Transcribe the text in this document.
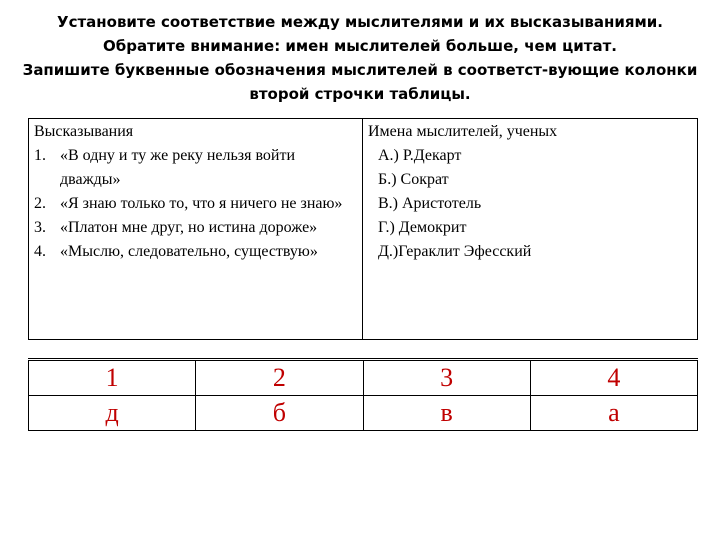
Установите соответствие между мыслителями и их высказываниями.
Обратите внимание: имен мыслителей больше, чем цитат.
Запишите буквенные обозначения мыслителей в соответст-вующие колонки
второй строчки таблицы.
Высказывания
1. «В одну и ту же реку нельзя войти дважды»
2. «Я знаю только то, что я ничего не знаю»
3. «Платон мне друг, но истина дороже»
4. «Мыслю, следовательно, существую»
Имена мыслителей, ученых
А.) Р.Декарт
Б.) Сократ
В.) Аристотель
Г.) Демокрит
Д.)Гераклит Эфесский
1	2	3	4
д	б	в	а
